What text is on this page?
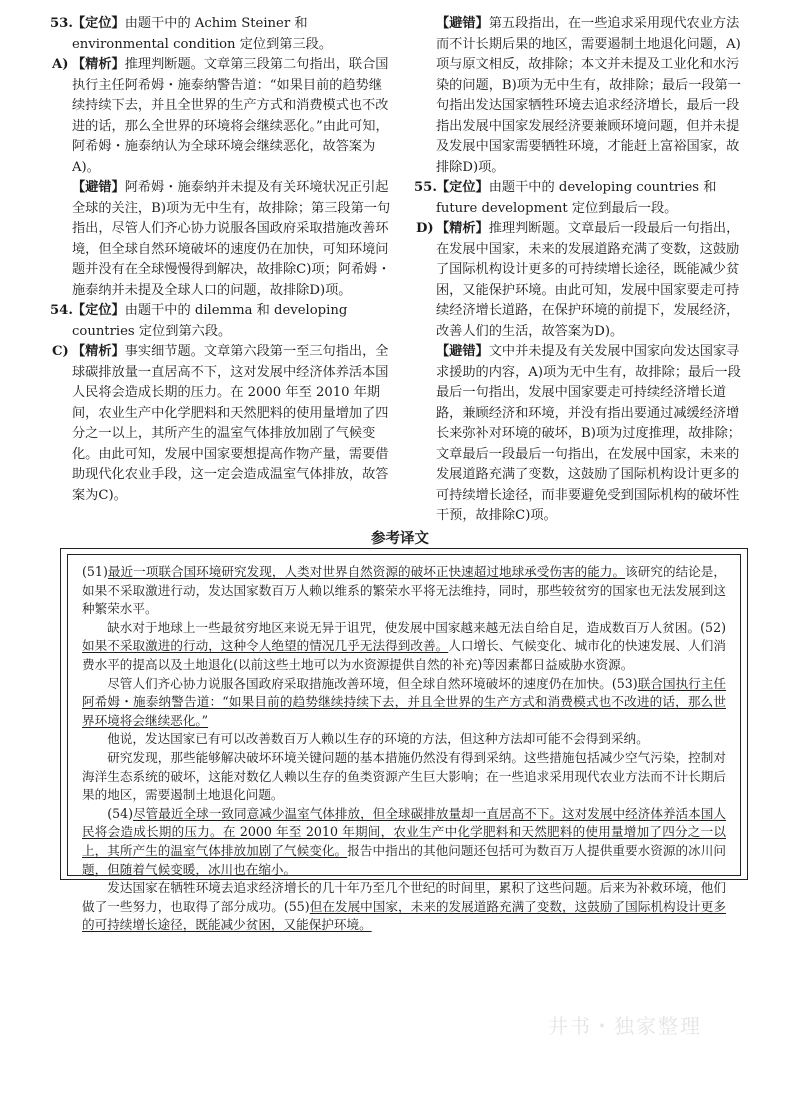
53. 【定位】由题干中的 Achim Steiner 和 environmental condition 定位到第三段。
A) 【精析】推理判断题。文章第三段第二句指出，联合国执行主任阿希姆・施泰纳警告道：“如果目前的趋势继续持续下去，并且全世界的生产方式和消费模式也不改进的话，那么全世界的环境将会继续恶化。”由此可知，阿希姆・施泰纳认为全球环境会继续恶化，故答案为A)。
【避错】阿希姆・施泰纳并未提及有关环境状况正引起全球的关注，B)项为无中生有，故排除；第三段第一句指出，尽管人们齐心协力说服各国政府采取措施改善环境，但全球自然环境破坏的速度仍在加快，可知环境问题并没有在全球慢慢得到解决，故排除C)项；阿希姆・施泰纳并未提及全球人口的问题，故排除D)项。
54. 【定位】由题干中的 dilemma 和 developing countries 定位到第六段。
C) 【精析】事实细节题。文章第六段第一至三句指出，全球碳排放量一直居高不下，这对发展中经济体养活本国人民将会造成长期的压力。在 2000 年至 2010 年期间，农业生产中化学肥料和天然肥料的使用量增加了四分之一以上，其所产生的温室气体排放加剧了气候变化。由此可知，发展中国家要想提高作物产量，需要借助现代化农业手段，这一定会造成温室气体排放，故答案为C)。
【避错】第五段指出，在一些追求采用现代农业方法而不计长期后果的地区，需要遏制土地退化问题，A)项与原文相反，故排除；本文并未提及工业化和水污染的问题，B)项为无中生有，故排除；最后一段第一句指出发达国家牺牲环境去追求经济增长，最后一段指出发展中国家发展经济要兼顾环境问题，但并未提及发展中国家需要牺牲环境，才能赶上富裕国家，故排除D)项。
55. 【定位】由题干中的 developing countries 和 future development 定位到最后一段。
D) 【精析】推理判断题。文章最后一段最后一句指出，在发展中国家，未来的发展道路充满了变数，这鼓励了国际机构设计更多的可持续增长途径，既能减少贫困，又能保护环境。由此可知，发展中国家要走可持续经济增长道路，在保护环境的前提下，发展经济，改善人们的生活，故答案为D)。
【避错】文中并未提及有关发展中国家向发达国家寻求援助的内容，A)项为无中生有，故排除；最后一段最后一句指出，发展中国家要走可持续经济增长道路，兼顾经济和环境，并没有指出要通过减缓经济增长来弥补对环境的破坏，B)项为过度推理，故排除；文章最后一段最后一句指出，在发展中国家，未来的发展道路充满了变数，这鼓励了国际机构设计更多的可持续增长途径，而非要避免受到国际机构的破坏性干预，故排除C)项。
参考译文

(51)最近一项联合国环境研究发现，人类对世界自然资源的破坏正快速超过地球承受伤害的能力。该研究的结论是，如果不采取激进行动，发达国家数百万人赖以维系的繁荣水平将无法维持，同时，那些较贫穷的国家也无法发展到这种繁荣水平。

缺水对于地球上一些最贫穷地区来说无异于诅咒，使发展中国家越来越无法自给自足，造成数百万人贫困。(52)如果不采取激进的行动，这种令人绝望的情况几乎无法得到改善。人口增长、气候变化、城市化的快速发展、人们消费水平的提高以及土地退化(以前这些土地可以为水资源提供自然的补充)等因素都日益威胁水资源。

尽管人们齐心协力说服各国政府采取措施改善环境，但全球自然环境破坏的速度仍在加快。(53)联合国执行主任阿希姆・施泰纳警告道：“如果目前的趋势继续持续下去，并且全世界的生产方式和消费模式也不改进的话，那么世界环境将会继续恶化。”

他说，发达国家已有可以改善数百万人赖以生存的环境的方法，但这种方法却可能不会得到采纳。

研究发现，那些能够解决破坏环境关键问题的基本措施仍然没有得到采纳。这些措施包括减少空气污染，控制对海洋生态系统的破坏，这能对数亿人赖以生存的鱼类资源产生巨大影响；在一些追求采用现代农业方法而不计长期后果的地区，需要遏制土地退化问题。

(54)尽管最近全球一致同意减少温室气体排放，但全球碳排放量却一直居高不下。这对发展中经济体养活本国人民将会造成长期的压力。在 2000 年至 2010 年期间，农业生产中化学肥料和天然肥料的使用量增加了四分之一以上，其所产生的温室气体排放加剧了气候变化。报告中指出的其他问题还包括可为数百万人提供重要水资源的冰川问题，但随着气候变暖，冰川也在缩小。

发达国家在牺牲环境去追求经济增长的几十年乃至几个世纪的时间里，累积了这些问题。后来为补救环境，他们做了一些努力，也取得了部分成功。(55)但在发展中国家，未来的发展道路充满了变数，这鼓励了国际机构设计更多的可持续增长途径，既能减少贫困，又能保护环境。

井书・独家整理
